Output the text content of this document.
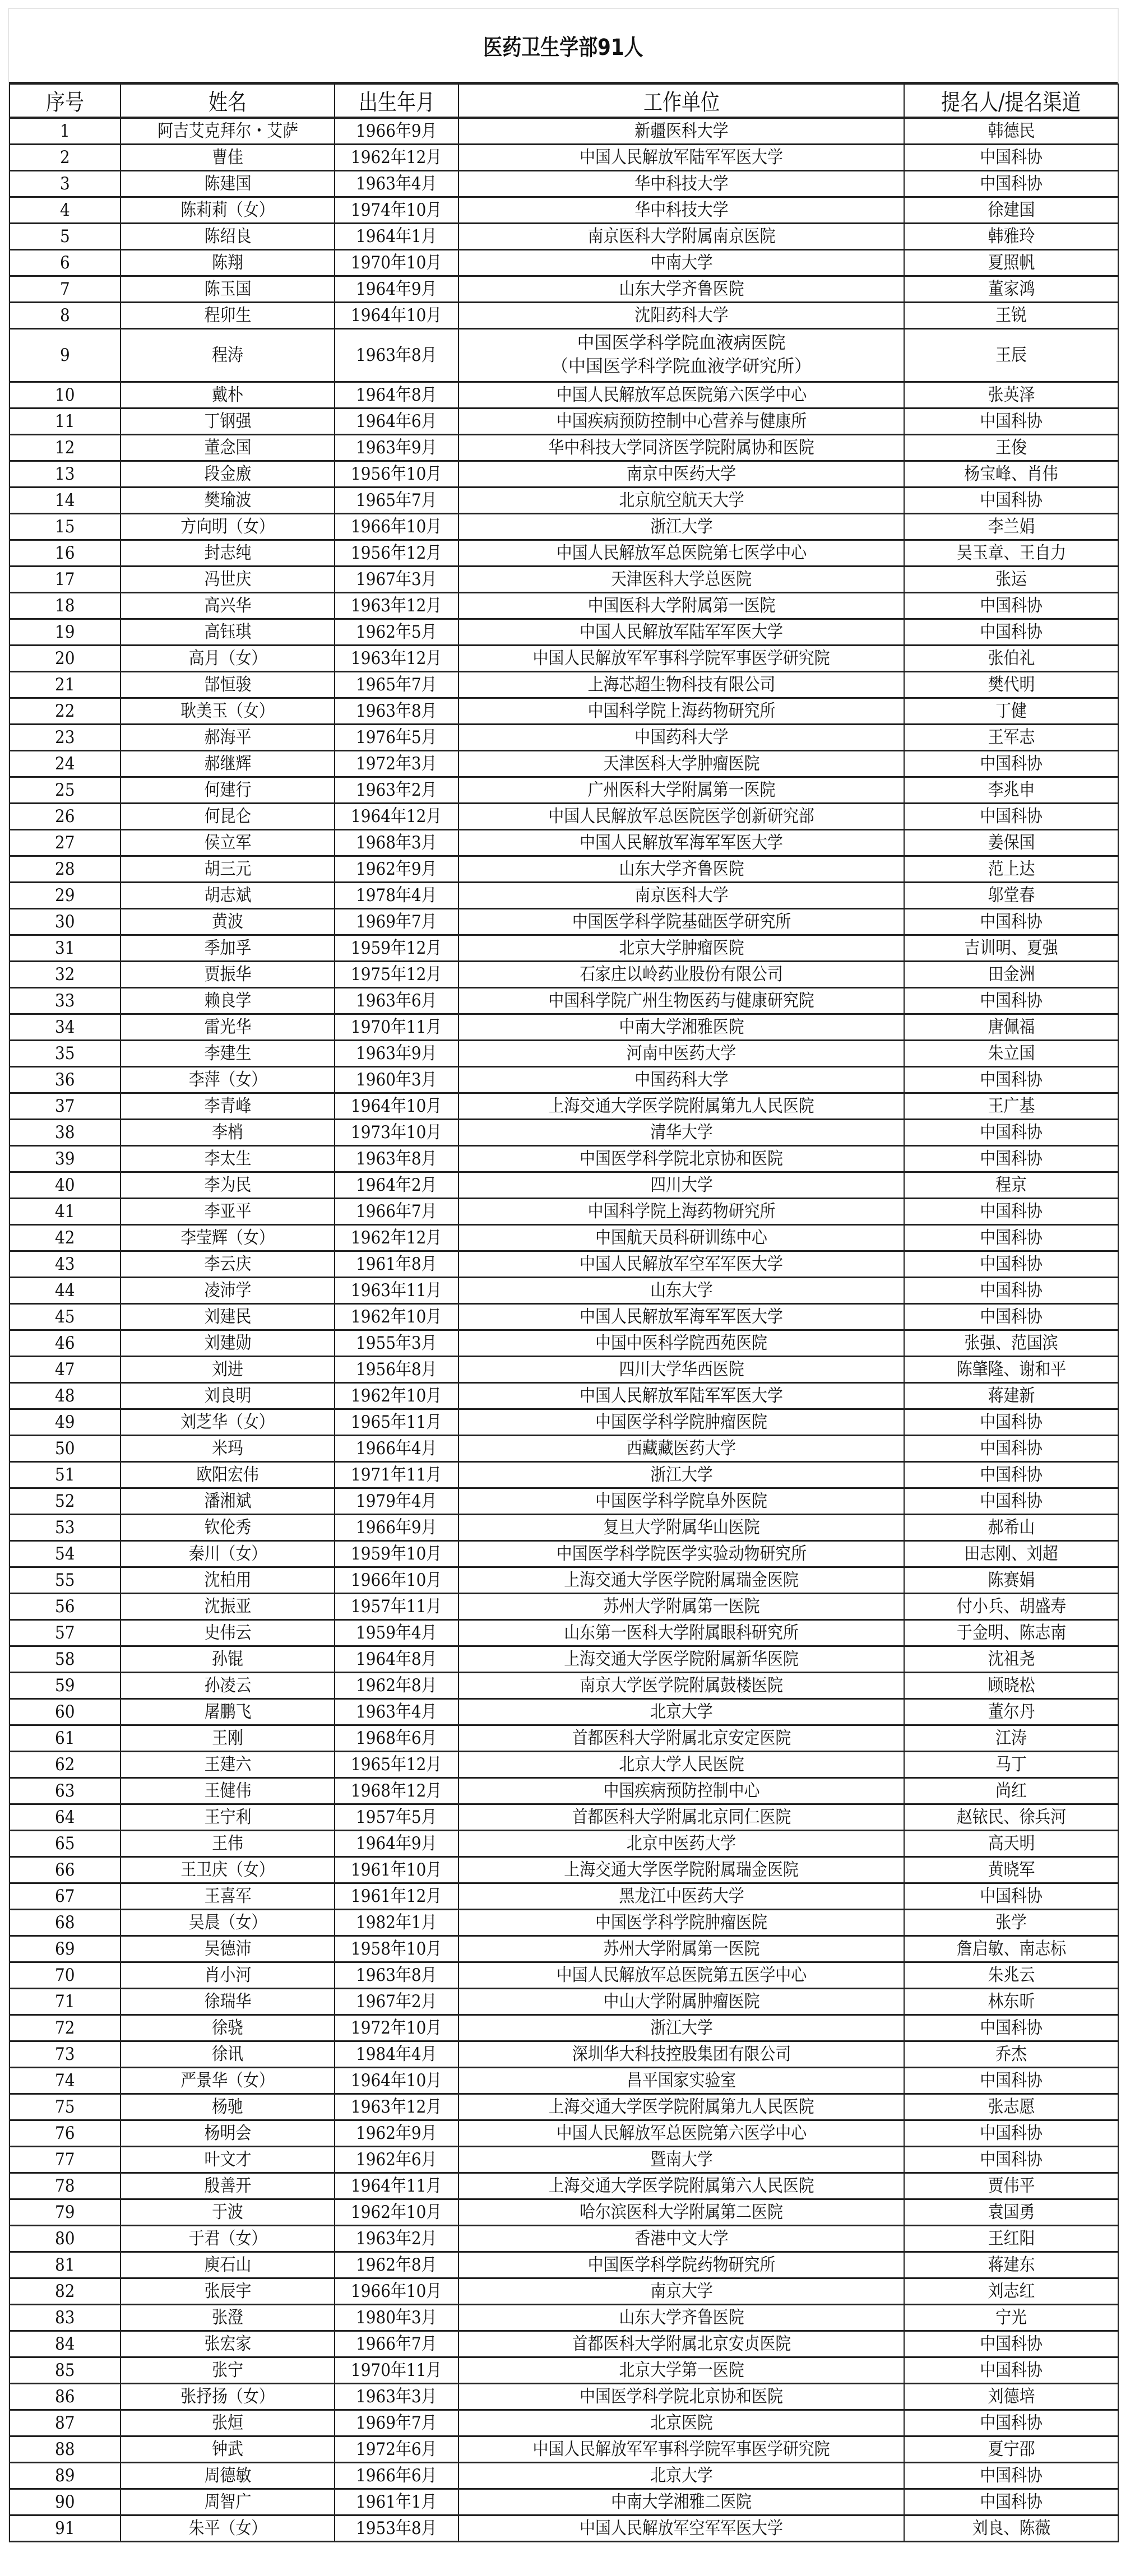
医药卫生学部91人
序号	姓名	出生年月	工作单位	提名人/提名渠道
1	阿吉艾克拜尔・艾萨	1966年9月	新疆医科大学	韩德民
2	曹佳	1962年12月	中国人民解放军陆军军医大学	中国科协
3	陈建国	1963年4月	华中科技大学	中国科协
4	陈莉莉（女）	1974年10月	华中科技大学	徐建国
5	陈绍良	1964年1月	南京医科大学附属南京医院	韩雅玲
6	陈翔	1970年10月	中南大学	夏照帆
7	陈玉国	1964年9月	山东大学齐鲁医院	董家鸿
8	程卯生	1964年10月	沈阳药科大学	王锐
9	程涛	1963年8月	中国医学科学院血液病医院
（中国医学科学院血液学研究所）	王辰
10	戴朴	1964年8月	中国人民解放军总医院第六医学中心	张英泽
11	丁钢强	1964年6月	中国疾病预防控制中心营养与健康所	中国科协
12	董念国	1963年9月	华中科技大学同济医学院附属协和医院	王俊
13	段金廒	1956年10月	南京中医药大学	杨宝峰、肖伟
14	樊瑜波	1965年7月	北京航空航天大学	中国科协
15	方向明（女）	1966年10月	浙江大学	李兰娟
16	封志纯	1956年12月	中国人民解放军总医院第七医学中心	吴玉章、王自力
17	冯世庆	1967年3月	天津医科大学总医院	张运
18	高兴华	1963年12月	中国医科大学附属第一医院	中国科协
19	高钰琪	1962年5月	中国人民解放军陆军军医大学	中国科协
20	高月（女）	1963年12月	中国人民解放军军事科学院军事医学研究院	张伯礼
21	郜恒骏	1965年7月	上海芯超生物科技有限公司	樊代明
22	耿美玉（女）	1963年8月	中国科学院上海药物研究所	丁健
23	郝海平	1976年5月	中国药科大学	王军志
24	郝继辉	1972年3月	天津医科大学肿瘤医院	中国科协
25	何建行	1963年2月	广州医科大学附属第一医院	李兆申
26	何昆仑	1964年12月	中国人民解放军总医院医学创新研究部	中国科协
27	侯立军	1968年3月	中国人民解放军海军军医大学	姜保国
28	胡三元	1962年9月	山东大学齐鲁医院	范上达
29	胡志斌	1978年4月	南京医科大学	邬堂春
30	黄波	1969年7月	中国医学科学院基础医学研究所	中国科协
31	季加孚	1959年12月	北京大学肿瘤医院	吉训明、夏强
32	贾振华	1975年12月	石家庄以岭药业股份有限公司	田金洲
33	赖良学	1963年6月	中国科学院广州生物医药与健康研究院	中国科协
34	雷光华	1970年11月	中南大学湘雅医院	唐佩福
35	李建生	1963年9月	河南中医药大学	朱立国
36	李萍（女）	1960年3月	中国药科大学	中国科协
37	李青峰	1964年10月	上海交通大学医学院附属第九人民医院	王广基
38	李梢	1973年10月	清华大学	中国科协
39	李太生	1963年8月	中国医学科学院北京协和医院	中国科协
40	李为民	1964年2月	四川大学	程京
41	李亚平	1966年7月	中国科学院上海药物研究所	中国科协
42	李莹辉（女）	1962年12月	中国航天员科研训练中心	中国科协
43	李云庆	1961年8月	中国人民解放军空军军医大学	中国科协
44	凌沛学	1963年11月	山东大学	中国科协
45	刘建民	1962年10月	中国人民解放军海军军医大学	中国科协
46	刘建勋	1955年3月	中国中医科学院西苑医院	张强、范国滨
47	刘进	1956年8月	四川大学华西医院	陈肇隆、谢和平
48	刘良明	1962年10月	中国人民解放军陆军军医大学	蒋建新
49	刘芝华（女）	1965年11月	中国医学科学院肿瘤医院	中国科协
50	米玛	1966年4月	西藏藏医药大学	中国科协
51	欧阳宏伟	1971年11月	浙江大学	中国科协
52	潘湘斌	1979年4月	中国医学科学院阜外医院	中国科协
53	钦伦秀	1966年9月	复旦大学附属华山医院	郝希山
54	秦川（女）	1959年10月	中国医学科学院医学实验动物研究所	田志刚、刘超
55	沈柏用	1966年10月	上海交通大学医学院附属瑞金医院	陈赛娟
56	沈振亚	1957年11月	苏州大学附属第一医院	付小兵、胡盛寿
57	史伟云	1959年4月	山东第一医科大学附属眼科研究所	于金明、陈志南
58	孙锟	1964年8月	上海交通大学医学院附属新华医院	沈祖尧
59	孙凌云	1962年8月	南京大学医学院附属鼓楼医院	顾晓松
60	屠鹏飞	1963年4月	北京大学	董尔丹
61	王刚	1968年6月	首都医科大学附属北京安定医院	江涛
62	王建六	1965年12月	北京大学人民医院	马丁
63	王健伟	1968年12月	中国疾病预防控制中心	尚红
64	王宁利	1957年5月	首都医科大学附属北京同仁医院	赵铱民、徐兵河
65	王伟	1964年9月	北京中医药大学	高天明
66	王卫庆（女）	1961年10月	上海交通大学医学院附属瑞金医院	黄晓军
67	王喜军	1961年12月	黑龙江中医药大学	中国科协
68	吴晨（女）	1982年1月	中国医学科学院肿瘤医院	张学
69	吴德沛	1958年10月	苏州大学附属第一医院	詹启敏、南志标
70	肖小河	1963年8月	中国人民解放军总医院第五医学中心	朱兆云
71	徐瑞华	1967年2月	中山大学附属肿瘤医院	林东昕
72	徐骁	1972年10月	浙江大学	中国科协
73	徐讯	1984年4月	深圳华大科技控股集团有限公司	乔杰
74	严景华（女）	1964年10月	昌平国家实验室	中国科协
75	杨驰	1963年12月	上海交通大学医学院附属第九人民医院	张志愿
76	杨明会	1962年9月	中国人民解放军总医院第六医学中心	中国科协
77	叶文才	1962年6月	暨南大学	中国科协
78	殷善开	1964年11月	上海交通大学医学院附属第六人民医院	贾伟平
79	于波	1962年10月	哈尔滨医科大学附属第二医院	袁国勇
80	于君（女）	1963年2月	香港中文大学	王红阳
81	庾石山	1962年8月	中国医学科学院药物研究所	蒋建东
82	张辰宇	1966年10月	南京大学	刘志红
83	张澄	1980年3月	山东大学齐鲁医院	宁光
84	张宏家	1966年7月	首都医科大学附属北京安贞医院	中国科协
85	张宁	1970年11月	北京大学第一医院	中国科协
86	张抒扬（女）	1963年3月	中国医学科学院北京协和医院	刘德培
87	张烜	1969年7月	北京医院	中国科协
88	钟武	1972年6月	中国人民解放军军事科学院军事医学研究院	夏宁邵
89	周德敏	1966年6月	北京大学	中国科协
90	周智广	1961年1月	中南大学湘雅二医院	中国科协
91	朱平（女）	1953年8月	中国人民解放军空军军医大学	刘良、陈薇
